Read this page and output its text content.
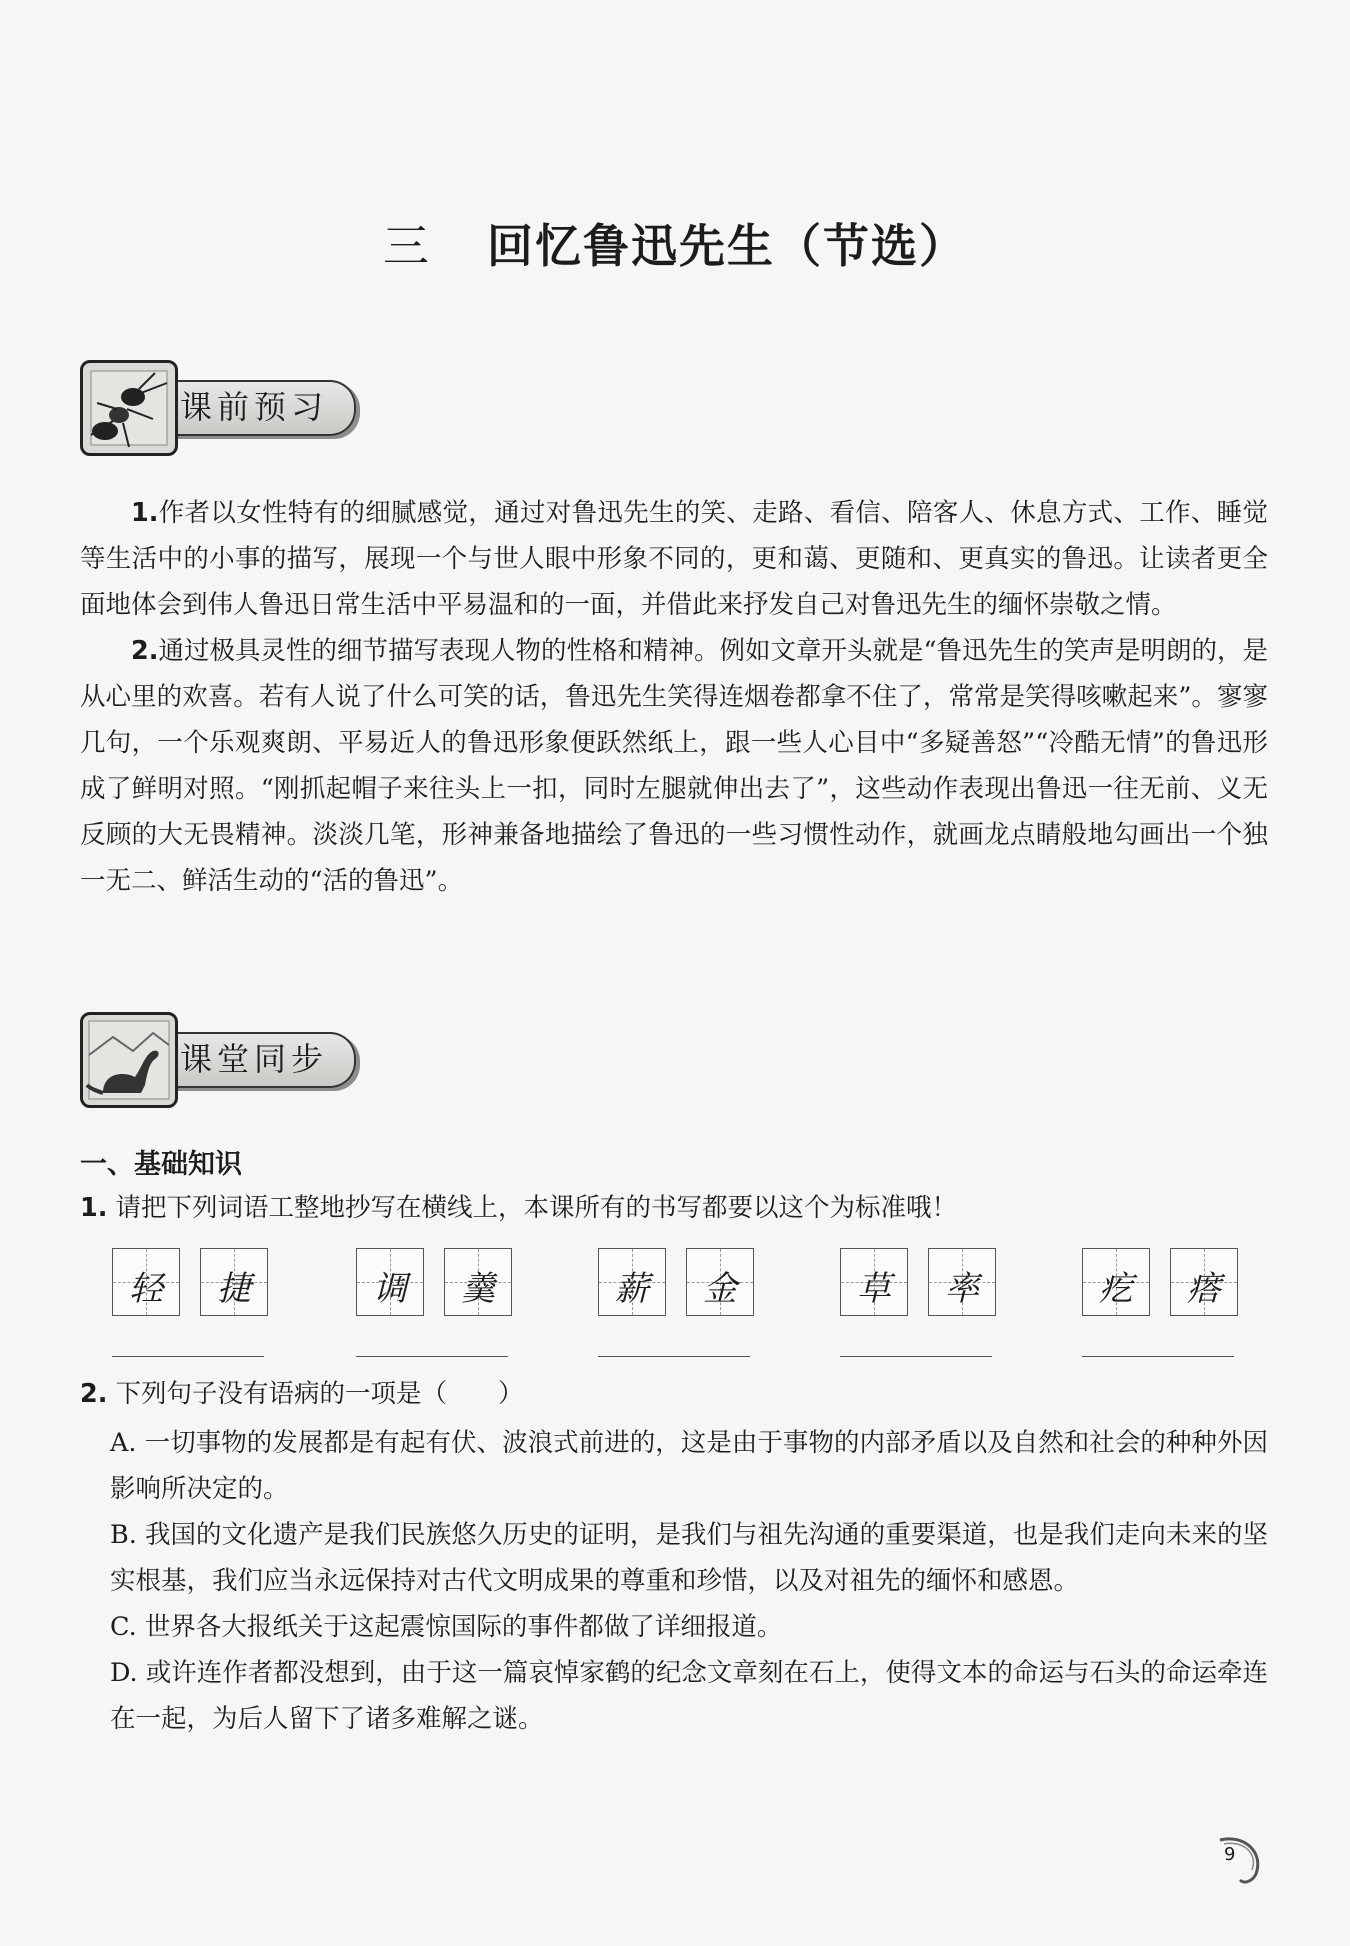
三 回忆鲁迅先生（节选）
课前预习

1.作者以女性特有的细腻感觉，通过对鲁迅先生的笑、走路、看信、陪客人、休息方式、工作、睡觉等生活中的小事的描写，展现一个与世人眼中形象不同的，更和蔼、更随和、更真实的鲁迅。让读者更全面地体会到伟人鲁迅日常生活中平易温和的一面，并借此来抒发自己对鲁迅先生的缅怀崇敬之情。

2.通过极具灵性的细节描写表现人物的性格和精神。例如文章开头就是“鲁迅先生的笑声是明朗的，是从心里的欢喜。若有人说了什么可笑的话，鲁迅先生笑得连烟卷都拿不住了，常常是笑得咳嗽起来”。寥寥几句，一个乐观爽朗、平易近人的鲁迅形象便跃然纸上，跟一些人心目中“多疑善怒”“冷酷无情”的鲁迅形成了鲜明对照。“刚抓起帽子来往头上一扣，同时左腿就伸出去了”，这些动作表现出鲁迅一往无前、义无反顾的大无畏精神。淡淡几笔，形神兼备地描绘了鲁迅的一些习惯性动作，就画龙点睛般地勾画出一个独一无二、鲜活生动的“活的鲁迅”。

课堂同步
一、基础知识
1. 请把下列词语工整地抄写在横线上，本课所有的书写都要以这个为标准哦！
轻	捷	调	羹	薪	金	草	率	疙	瘩
2. 下列句子没有语病的一项是（　　）

A. 一切事物的发展都是有起有伏、波浪式前进的，这是由于事物的内部矛盾以及自然和社会的种种外因影响所决定的。

B. 我国的文化遗产是我们民族悠久历史的证明，是我们与祖先沟通的重要渠道，也是我们走向未来的坚实根基，我们应当永远保持对古代文明成果的尊重和珍惜，以及对祖先的缅怀和感恩。

C. 世界各大报纸关于这起震惊国际的事件都做了详细报道。

D. 或许连作者都没想到，由于这一篇哀悼家鹤的纪念文章刻在石上，使得文本的命运与石头的命运牵连在一起，为后人留下了诸多难解之谜。

9
